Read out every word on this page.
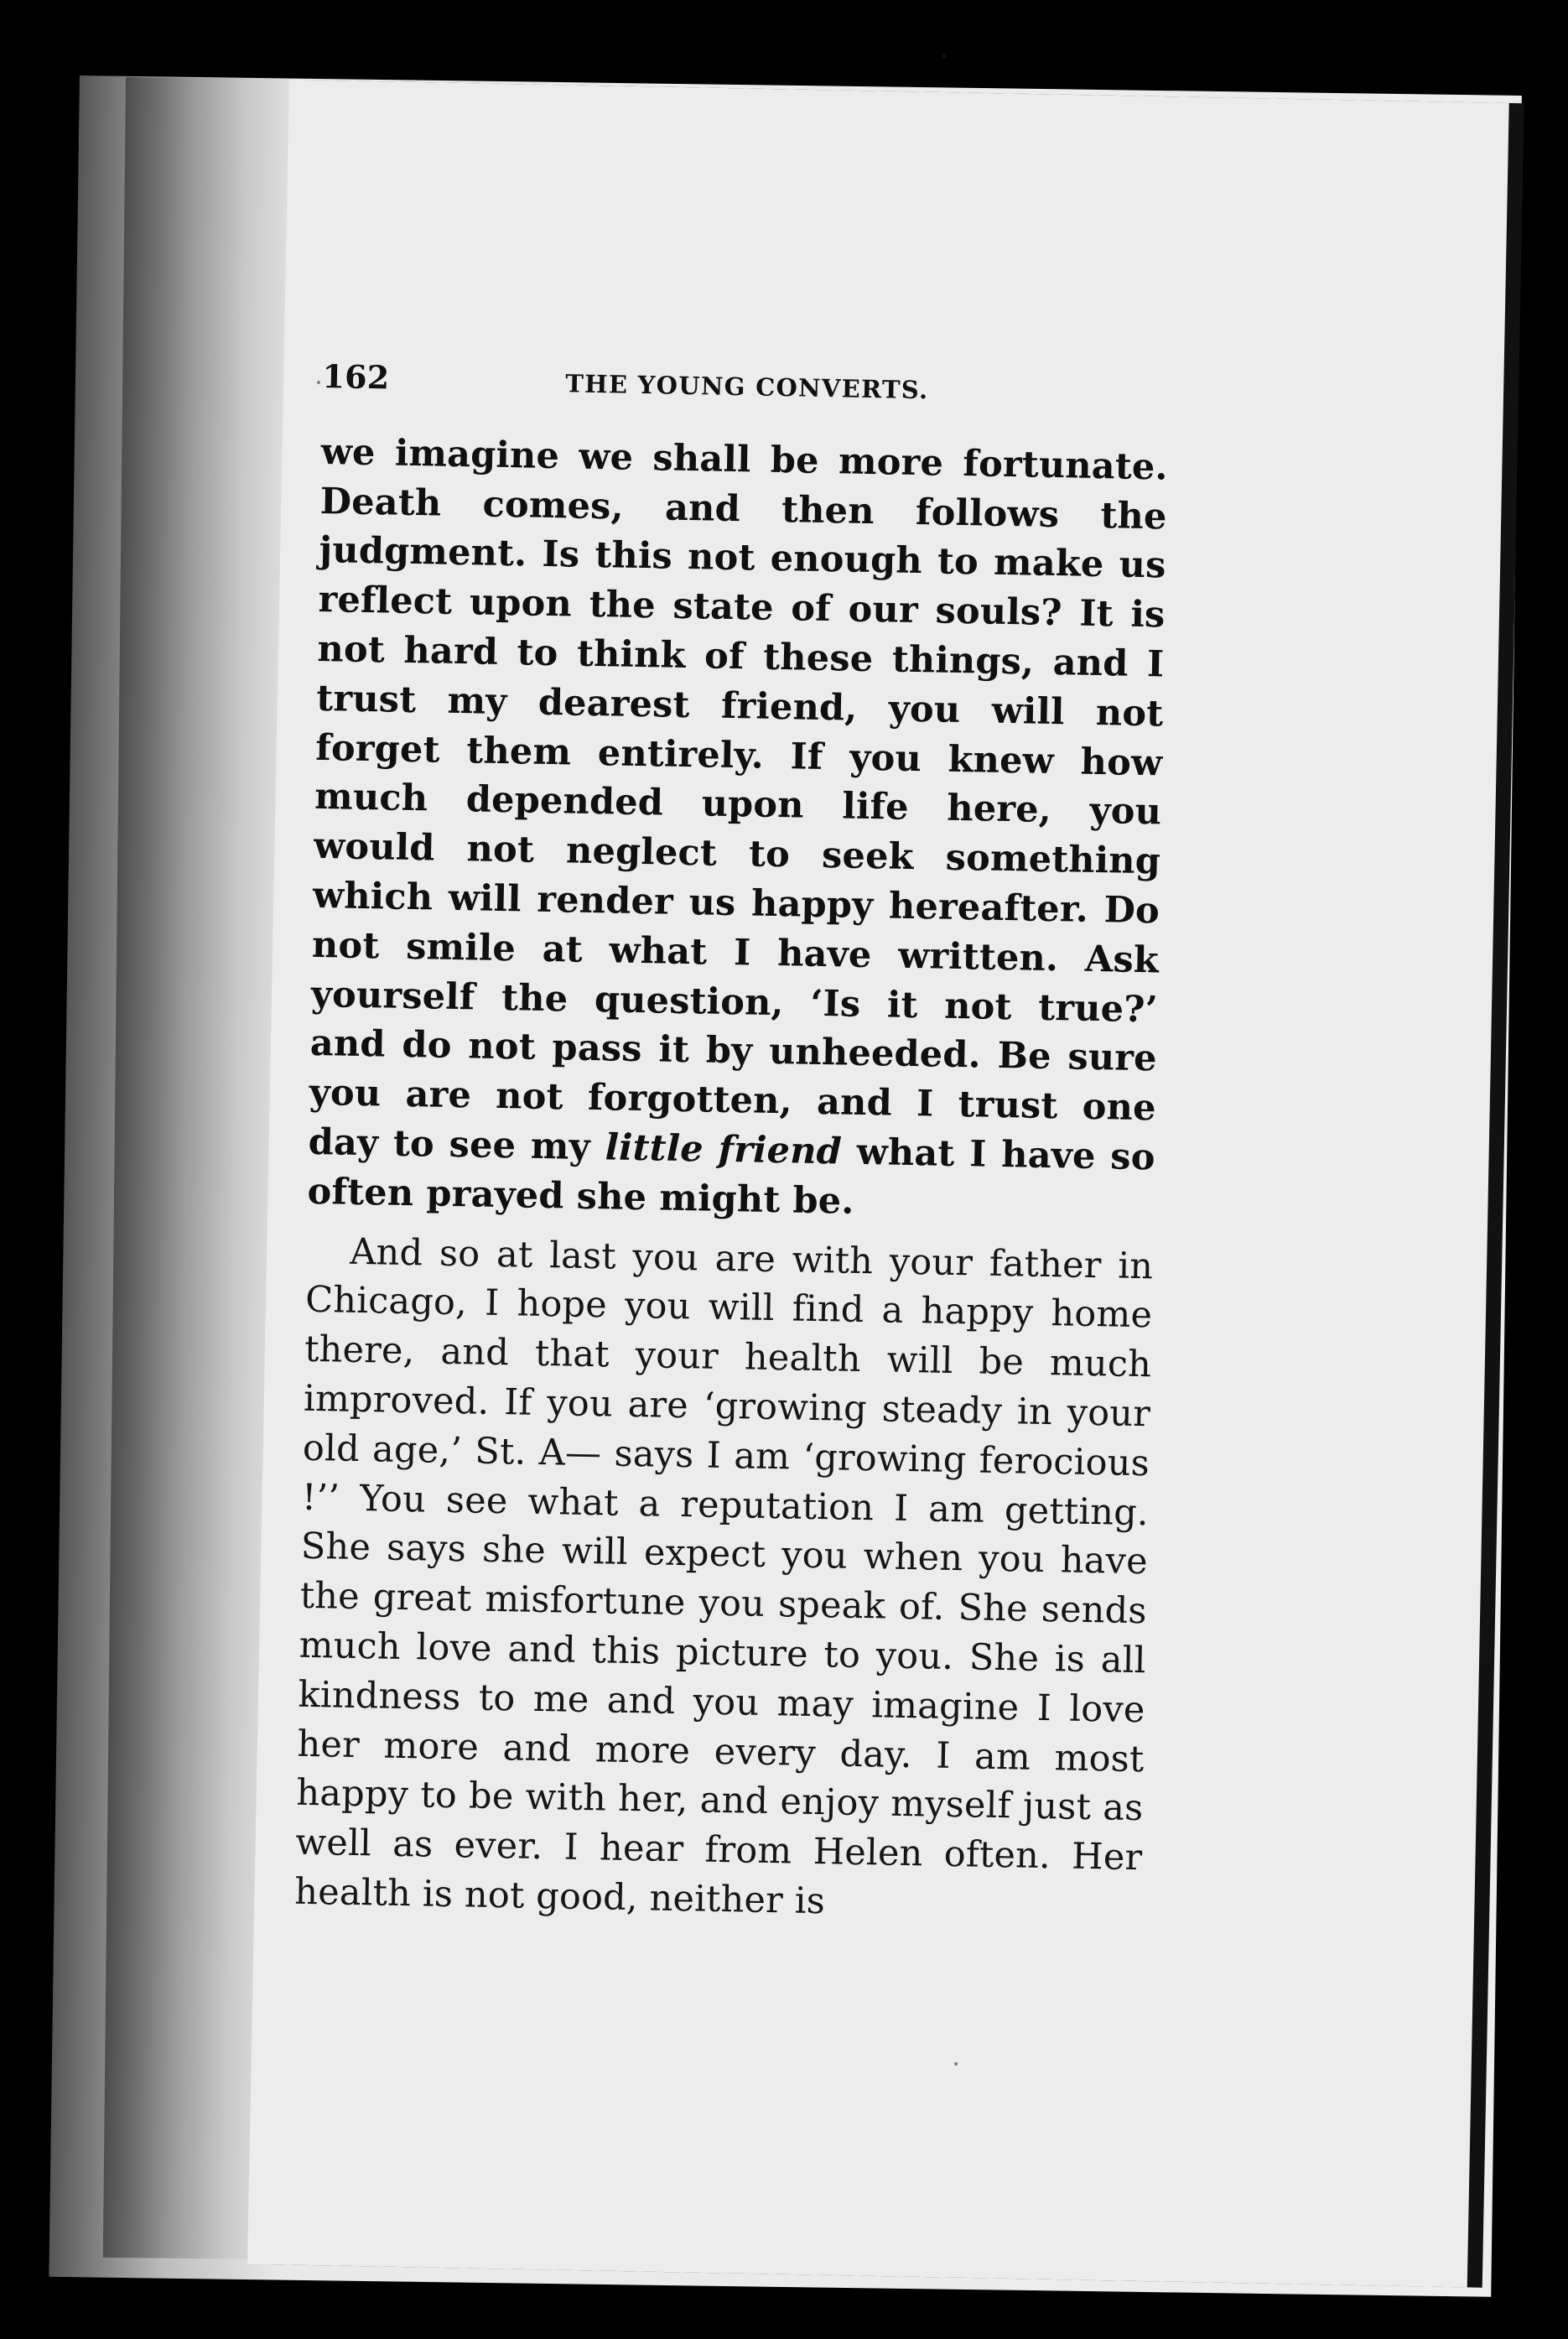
162	THE YOUNG CONVERTS.

we imagine we shall be more fortunate. Death comes, and then follows the judgment. Is this not enough to make us reflect upon the state of our souls? It is not hard to think of these things, and I trust my dearest friend, you will not forget them entirely. If you knew how much depended upon life here, you would not neglect to seek something which will render us happy hereafter. Do not smile at what I have written. Ask yourself the question, ‘Is it not true?’ and do not pass it by unheeded. Be sure you are not forgotten, and I trust one day to see my little friend what I have so often prayed she might be.

And so at last you are with your father in Chicago, I hope you will find a happy home there, and that your health will be much improved. If you are ‘growing steady in your old age,’ St. A— says I am ‘growing ferocious !’’ You see what a reputation I am getting. She says she will expect you when you have the great misfortune you speak of. She sends much love and this picture to you. She is all kindness to me and you may imagine I love her more and more every day. I am most happy to be with her, and enjoy myself just as well as ever. I hear from Helen often. Her health is not good, neither is
